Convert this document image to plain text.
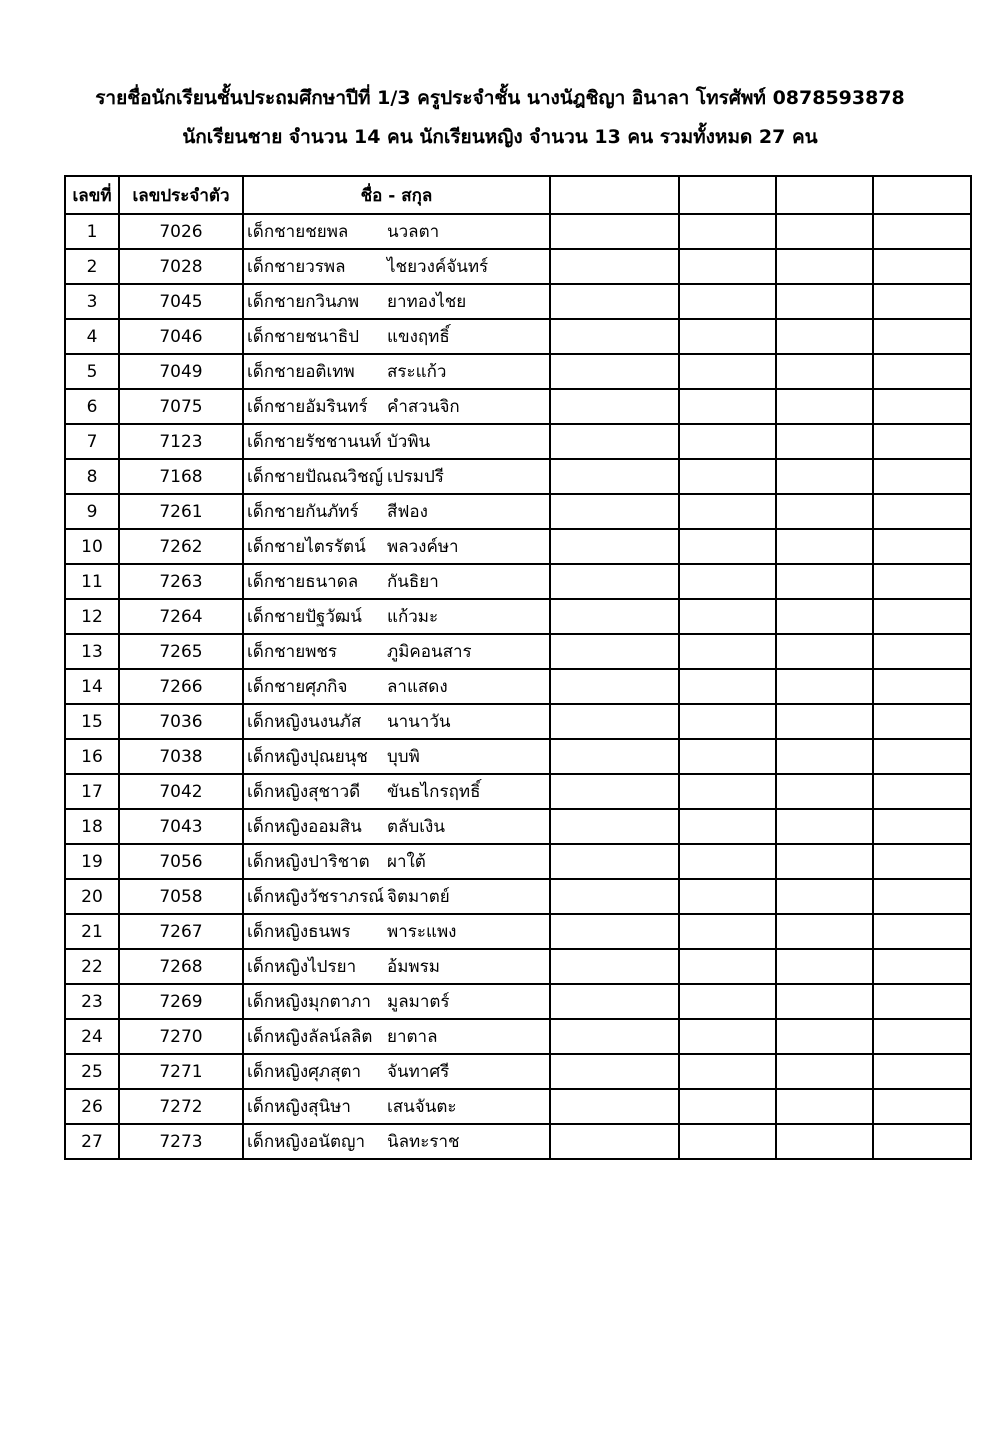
รายชื่อนักเรียนชั้นประถมศึกษาปีที่ 1/3 ครูประจำชั้น นางนัฎชิญา อินาลา โทรศัพท์ 0878593878
นักเรียนชาย จำนวน 14 คน นักเรียนหญิง จำนวน 13 คน รวมทั้งหมด 27 คน
เลขที่	เลขประจำตัว	ชื่อ - สกุล				
1	7026	เด็กชายชยพล นวลตา				
2	7028	เด็กชายวรพล ไชยวงค์จันทร์				
3	7045	เด็กชายกวินภพ ยาทองไชย				
4	7046	เด็กชายชนาธิป แขงฤทธิ์				
5	7049	เด็กชายอติเทพ สระแก้ว				
6	7075	เด็กชายอัมรินทร์ คำสวนจิก				
7	7123	เด็กชายรัชชานนท์ บัวพิน				
8	7168	เด็กชายปัณณวิชญ์ เปรมปรี				
9	7261	เด็กชายกันภัทร์ สีฟอง				
10	7262	เด็กชายไตรรัตน์ พลวงค์ษา				
11	7263	เด็กชายธนาดล กันธิยา				
12	7264	เด็กชายปัฐวัฒน์ แก้วมะ				
13	7265	เด็กชายพชร ภูมิคอนสาร				
14	7266	เด็กชายศุภกิจ ลาแสดง				
15	7036	เด็กหญิงนงนภัส นานาวัน				
16	7038	เด็กหญิงปุณยนุช บุบพิ				
17	7042	เด็กหญิงสุชาวดี ขันธไกรฤทธิ์				
18	7043	เด็กหญิงออมสิน ตลับเงิน				
19	7056	เด็กหญิงปาริชาต ผาใต้				
20	7058	เด็กหญิงวัชราภรณ์ จิตมาตย์				
21	7267	เด็กหญิงธนพร พาระแพง				
22	7268	เด็กหญิงไปรยา อ้มพรม				
23	7269	เด็กหญิงมุกตาภา มูลมาตร์				
24	7270	เด็กหญิงลัลน์ลลิต ยาตาล				
25	7271	เด็กหญิงศุภสุตา จันทาศรี				
26	7272	เด็กหญิงสุนิษา เสนจันตะ				
27	7273	เด็กหญิงอนัตญา นิลทะราช				
